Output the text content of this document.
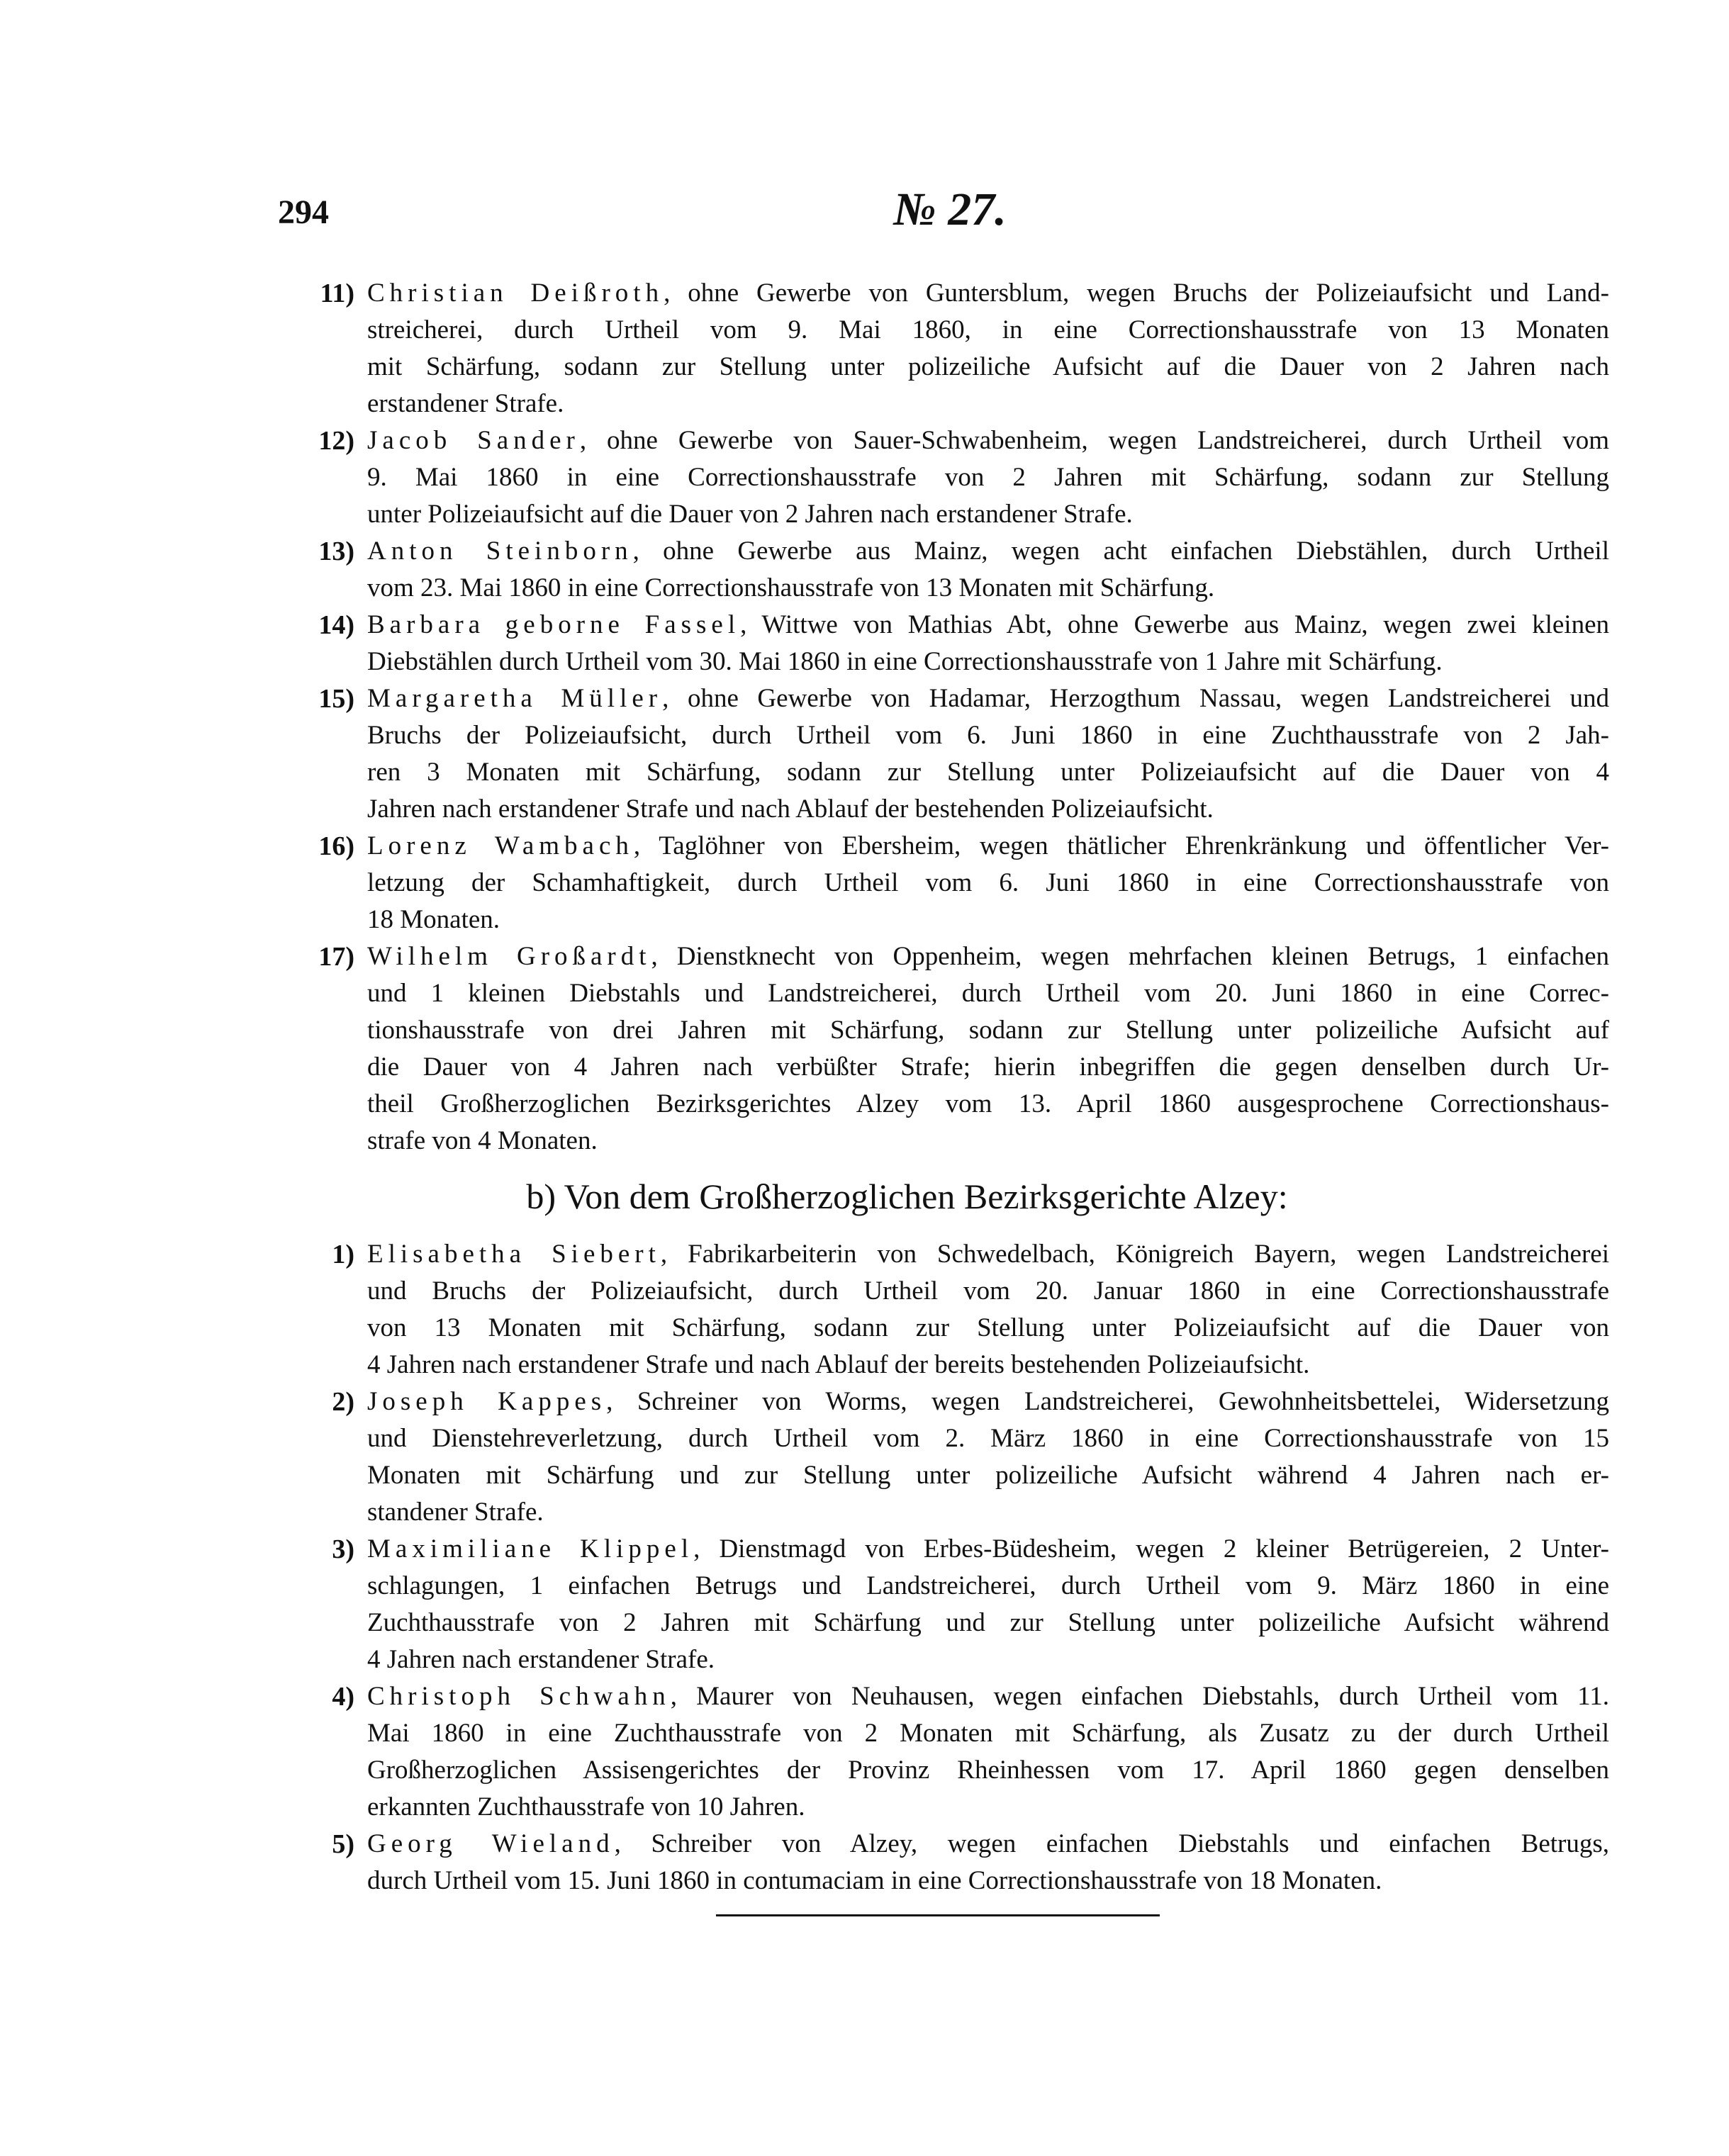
294	№ 27.
11) Christian Deißroth, ohne Gewerbe von Guntersblum, wegen Bruchs der Polizeiaufsicht und Land-
streicherei, durch Urtheil vom 9. Mai 1860, in eine Correctionshausstrafe von 13 Monaten
mit Schärfung, sodann zur Stellung unter polizeiliche Aufsicht auf die Dauer von 2 Jahren nach
erstandener Strafe.
12) Jacob Sander, ohne Gewerbe von Sauer-Schwabenheim, wegen Landstreicherei, durch Urtheil vom
9. Mai 1860 in eine Correctionshausstrafe von 2 Jahren mit Schärfung, sodann zur Stellung
unter Polizeiaufsicht auf die Dauer von 2 Jahren nach erstandener Strafe.
13) Anton Steinborn, ohne Gewerbe aus Mainz, wegen acht einfachen Diebstählen, durch Urtheil
vom 23. Mai 1860 in eine Correctionshausstrafe von 13 Monaten mit Schärfung.
14) Barbara geborne Fassel, Wittwe von Mathias Abt, ohne Gewerbe aus Mainz, wegen zwei kleinen
Diebstählen durch Urtheil vom 30. Mai 1860 in eine Correctionshausstrafe von 1 Jahre mit Schärfung.
15) Margaretha Müller, ohne Gewerbe von Hadamar, Herzogthum Nassau, wegen Landstreicherei und
Bruchs der Polizeiaufsicht, durch Urtheil vom 6. Juni 1860 in eine Zuchthausstrafe von 2 Jah-
ren 3 Monaten mit Schärfung, sodann zur Stellung unter Polizeiaufsicht auf die Dauer von 4
Jahren nach erstandener Strafe und nach Ablauf der bestehenden Polizeiaufsicht.
16) Lorenz Wambach, Taglöhner von Ebersheim, wegen thätlicher Ehrenkränkung und öffentlicher Ver-
letzung der Schamhaftigkeit, durch Urtheil vom 6. Juni 1860 in eine Correctionshausstrafe von
18 Monaten.
17) Wilhelm Großardt, Dienstknecht von Oppenheim, wegen mehrfachen kleinen Betrugs, 1 einfachen
und 1 kleinen Diebstahls und Landstreicherei, durch Urtheil vom 20. Juni 1860 in eine Correc-
tionshausstrafe von drei Jahren mit Schärfung, sodann zur Stellung unter polizeiliche Aufsicht auf
die Dauer von 4 Jahren nach verbüßter Strafe; hierin inbegriffen die gegen denselben durch Ur-
theil Großherzoglichen Bezirksgerichtes Alzey vom 13. April 1860 ausgesprochene Correctionshaus-
strafe von 4 Monaten.
b) Von dem Großherzoglichen Bezirksgerichte Alzey:
1) Elisabetha Siebert, Fabrikarbeiterin von Schwedelbach, Königreich Bayern, wegen Landstreicherei
und Bruchs der Polizeiaufsicht, durch Urtheil vom 20. Januar 1860 in eine Correctionshausstrafe
von 13 Monaten mit Schärfung, sodann zur Stellung unter Polizeiaufsicht auf die Dauer von
4 Jahren nach erstandener Strafe und nach Ablauf der bereits bestehenden Polizeiaufsicht.
2) Joseph Kappes, Schreiner von Worms, wegen Landstreicherei, Gewohnheitsbettelei, Widersetzung
und Dienstehreverletzung, durch Urtheil vom 2. März 1860 in eine Correctionshausstrafe von 15
Monaten mit Schärfung und zur Stellung unter polizeiliche Aufsicht während 4 Jahren nach er-
standener Strafe.
3) Maximiliane Klippel, Dienstmagd von Erbes-Büdesheim, wegen 2 kleiner Betrügereien, 2 Unter-
schlagungen, 1 einfachen Betrugs und Landstreicherei, durch Urtheil vom 9. März 1860 in eine
Zuchthausstrafe von 2 Jahren mit Schärfung und zur Stellung unter polizeiliche Aufsicht während
4 Jahren nach erstandener Strafe.
4) Christoph Schwahn, Maurer von Neuhausen, wegen einfachen Diebstahls, durch Urtheil vom 11.
Mai 1860 in eine Zuchthausstrafe von 2 Monaten mit Schärfung, als Zusatz zu der durch Urtheil
Großherzoglichen Assisengerichtes der Provinz Rheinhessen vom 17. April 1860 gegen denselben
erkannten Zuchthausstrafe von 10 Jahren.
5) Georg Wieland, Schreiber von Alzey, wegen einfachen Diebstahls und einfachen Betrugs,
durch Urtheil vom 15. Juni 1860 in contumaciam in eine Correctionshausstrafe von 18 Monaten.
